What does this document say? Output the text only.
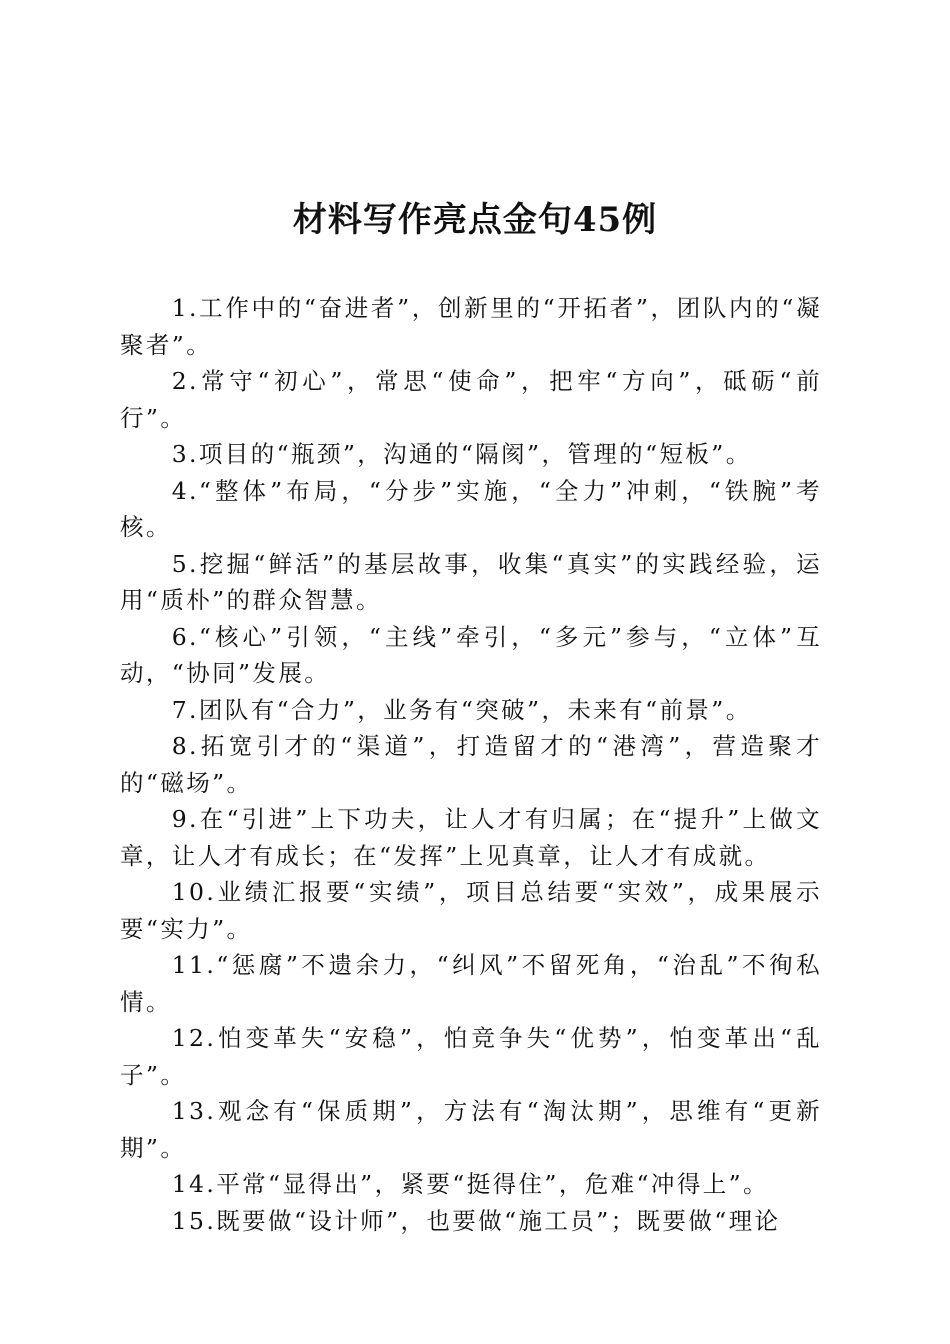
材料写作亮点金句45例

1.工作中的“奋进者”，创新里的“开拓者”，团队内的“凝聚者”。

2.常守“初心”，常思“使命”，把牢“方向”，砥砺“前行”。

3.项目的“瓶颈”，沟通的“隔阂”，管理的“短板”。

4.“整体”布局，“分步”实施，“全力”冲刺，“铁腕”考核。

5.挖掘“鲜活”的基层故事，收集“真实”的实践经验，运用“质朴”的群众智慧。

6.“核心”引领，“主线”牵引，“多元”参与，“立体”互动，“协同”发展。

7.团队有“合力”，业务有“突破”，未来有“前景”。

8.拓宽引才的“渠道”，打造留才的“港湾”，营造聚才的“磁场”。

9.在“引进”上下功夫，让人才有归属；在“提升”上做文章，让人才有成长；在“发挥”上见真章，让人才有成就。

10.业绩汇报要“实绩”，项目总结要“实效”，成果展示要“实力”。

11.“惩腐”不遗余力，“纠风”不留死角，“治乱”不徇私情。

12.怕变革失“安稳”，怕竞争失“优势”，怕变革出“乱子”。

13.观念有“保质期”，方法有“淘汰期”，思维有“更新期”。

14.平常“显得出”，紧要“挺得住”，危难“冲得上”。

15.既要做“设计师”，也要做“施工员”；既要做“理论
